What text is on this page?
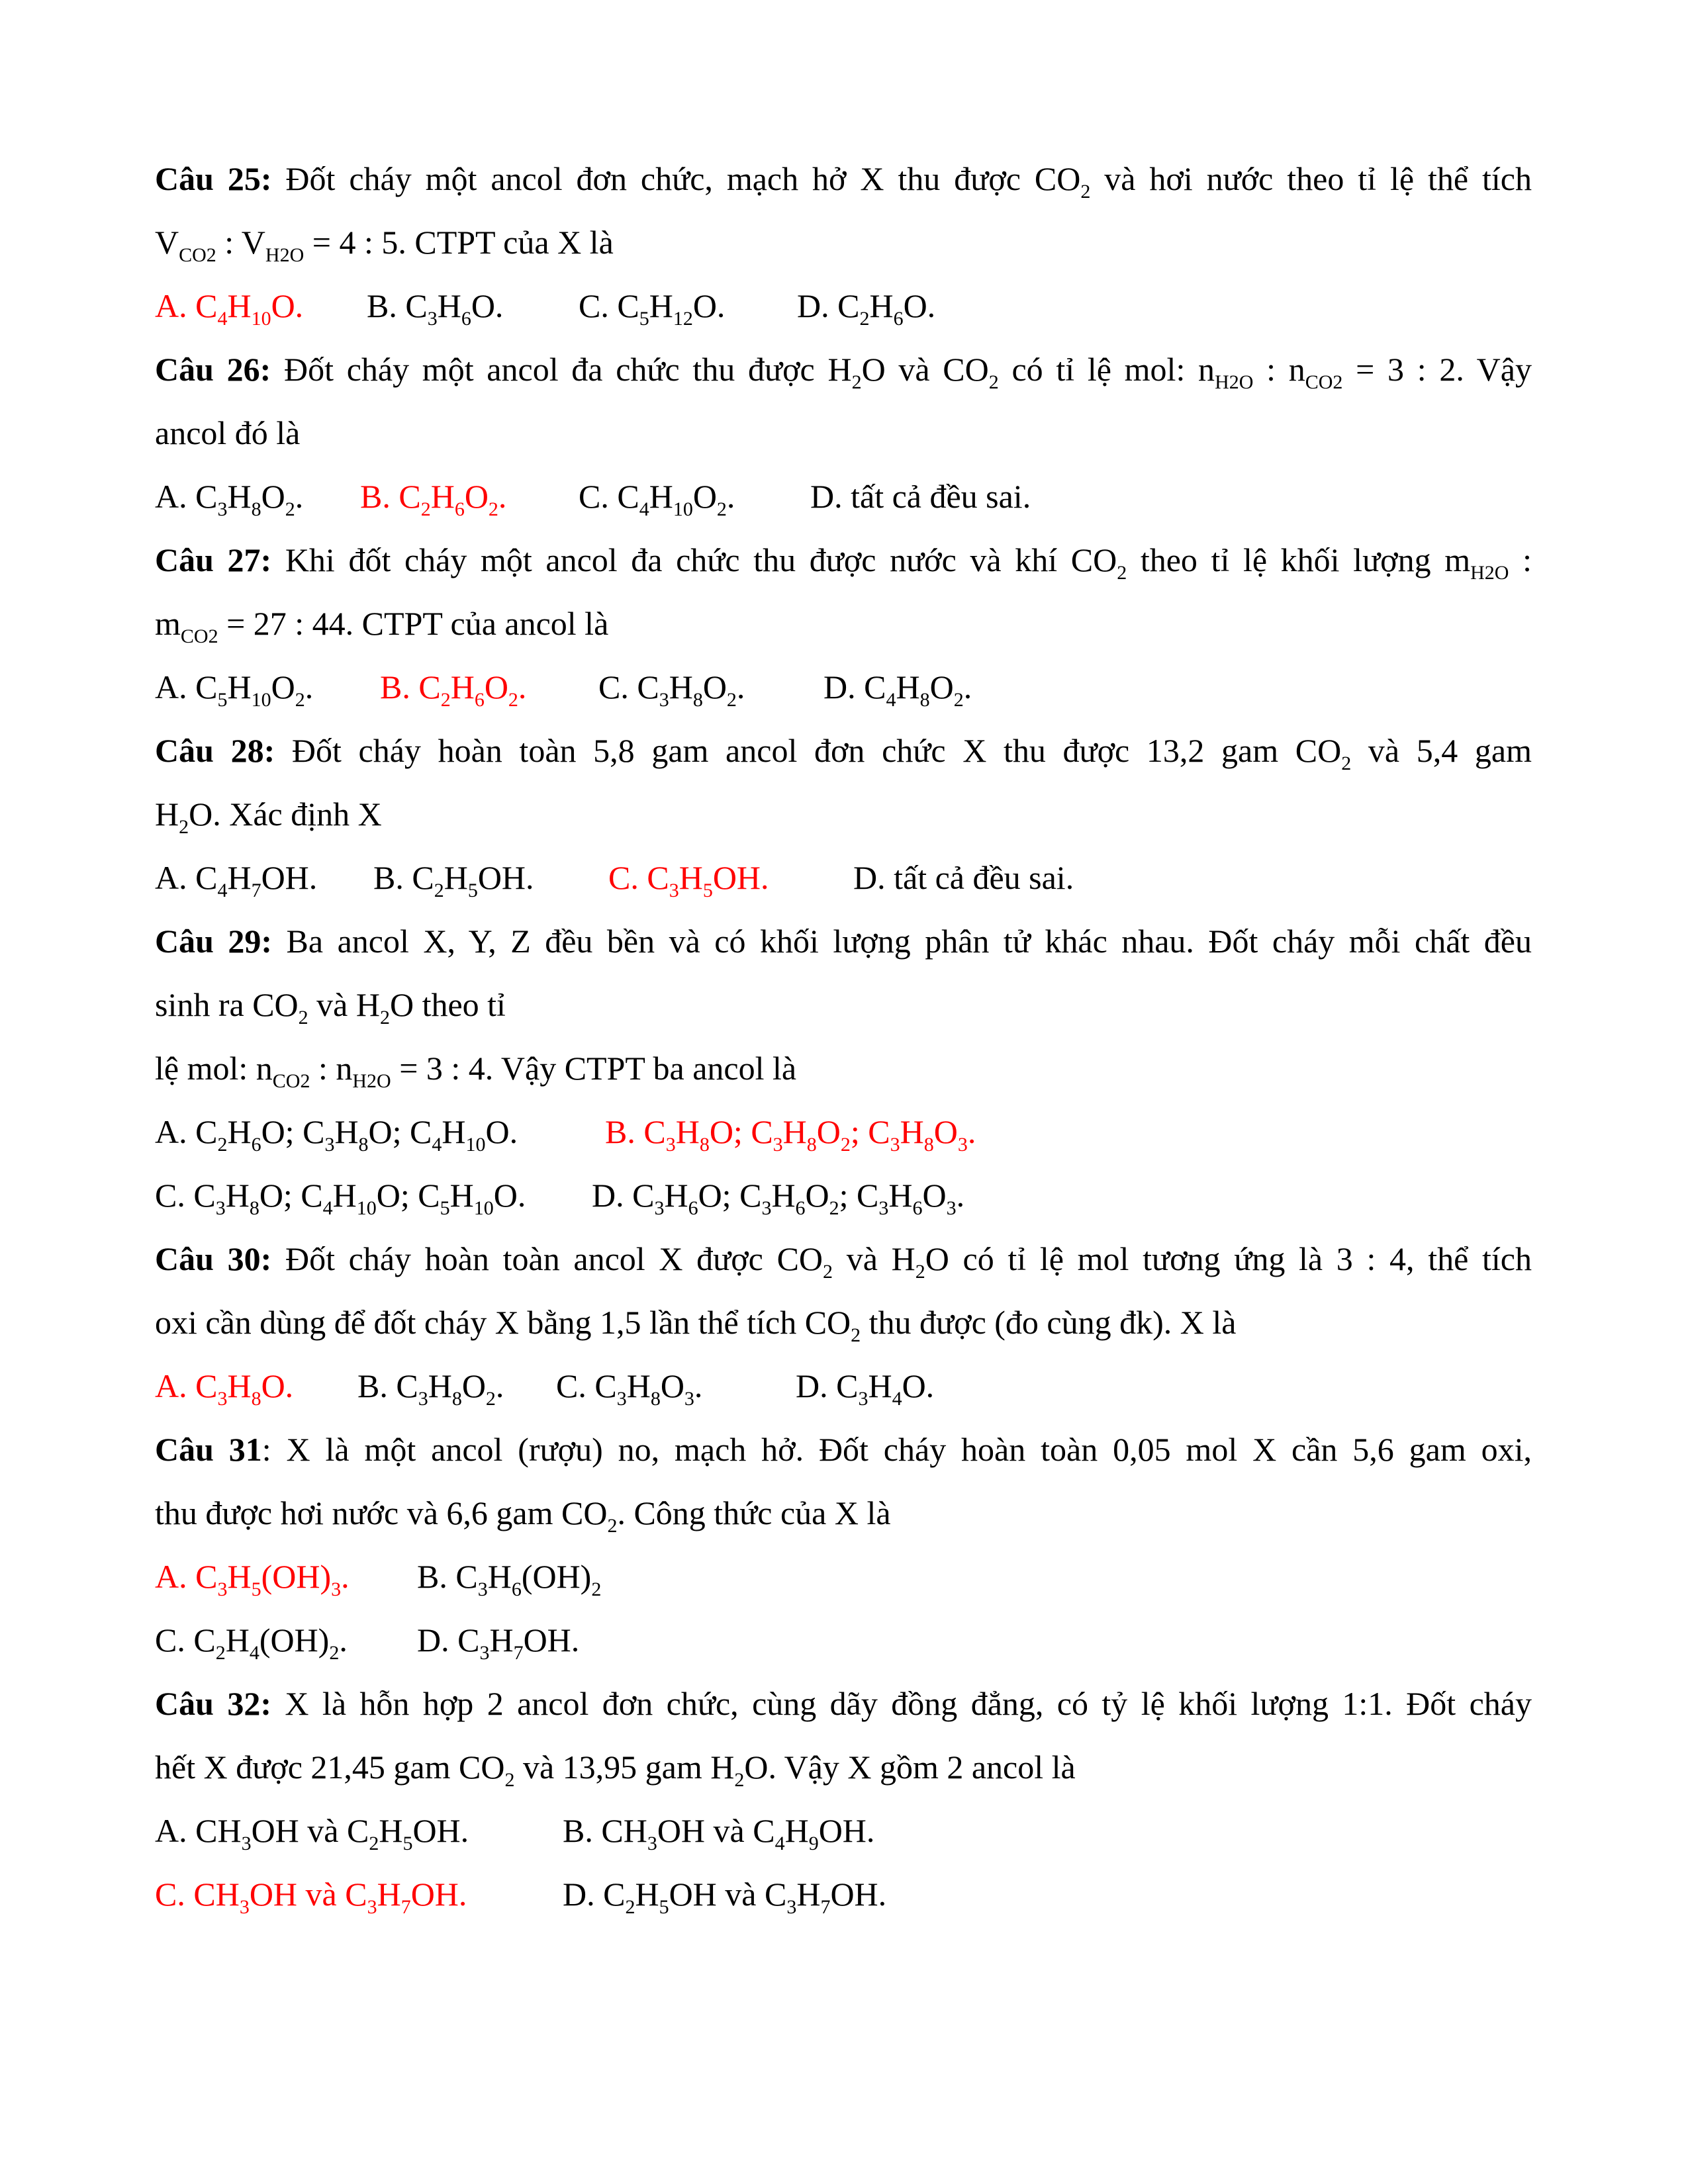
Câu 25: Đốt cháy một ancol đơn chức, mạch hở X thu được $CO_2$ và hơi nước theo tỉ lệ thể tích
$V_{CO2}$ : $V_{H2O} = 4$ : 5. CTPT của X là
A. $C_4H_{10}O$. B. $C_3H_6O$. C. $C_5H_{12}O$. D. $C_2H_6O$.
Câu 26: Đốt cháy một ancol đa chức thu được $H_2O$ và $CO_2$ có tỉ lệ mol: $n_{H2O}$ : $n_{CO2} = 3$ : 2. Vậy
ancol đó là
A. $C_3H_8O_2$. B. $C_2H_6O_2$. C. $C_4H_{10}O_2$. D. tất cả đều sai.
Câu 27: Khi đốt cháy một ancol đa chức thu được nước và khí $CO_2$ theo tỉ lệ khối lượng $m_{H2O}$ :
$m_{CO2} = 27$ : 44. CTPT của ancol là
A. $C_5H_{10}O_2$. B. $C_2H_6O_2$. C. $C_3H_8O_2$. D. $C_4H_8O_2$.
Câu 28: Đốt cháy hoàn toàn 5,8 gam ancol đơn chức X thu được 13,2 gam $CO_2$ và 5,4 gam
$H_2O$. Xác định X
A. $C_4H_7OH$. B. $C_2H_5OH$. C. $C_3H_5OH$.	D. tất cả đều sai.
Câu 29: Ba ancol X, Y, Z đều bền và có khối lượng phân tử khác nhau. Đốt cháy mỗi chất đều
sinh ra $CO_2$ và $H_2O$ theo tỉ
lệ mol: $n_{CO2}$ : $n_{H2O} = 3$ : 4. Vậy CTPT ba ancol là
A. $C_2H_6O$; $C_3H_8O$; $C_4H_{10}O$.	B. $C_3H_8O$; $C_3H_8O_2$; $C_3H_8O_3$.
C. $C_3H_8O$; $C_4H_{10}O$; $C_5H_{10}O$. D. $C_3H_6O$; $C_3H_6O_2$; $C_3H_6O_3$.
Câu 30: Đốt cháy hoàn toàn ancol X được $CO_2$ và $H_2O$ có tỉ lệ mol tương ứng là 3 : 4, thể tích
oxi cần dùng để đốt cháy X bằng 1,5 lần thể tích $CO_2$ thu được (đo cùng đk). X là
A. $C_3H_8O$. B. $C_3H_8O_2$. C. $C_3H_8O_3$.	D. $C_3H_4O$.
Câu 31: X là một ancol (rượu) no, mạch hở. Đốt cháy hoàn toàn 0,05 mol X cần 5,6 gam oxi,
thu được hơi nước và 6,6 gam $CO_2$. Công thức của X là
A. $C_3H_5(OH)_3$. B. $C_3H_6(OH)_2$
C. $C_2H_4(OH)_2$. D. $C_3H_7OH$.
Câu 32: X là hỗn hợp 2 ancol đơn chức, cùng dãy đồng đẳng, có tỷ lệ khối lượng 1:1. Đốt cháy
hết X được 21,45 gam $CO_2$ và 13,95 gam $H_2O$. Vậy X gồm 2 ancol là
A. $CH_3OH$ và $C_2H_5OH$.	B. $CH_3OH$ và $C_4H_9OH$.
C. $CH_3OH$ và $C_3H_7OH$.	D. $C_2H_5OH$ và $C_3H_7OH$.
